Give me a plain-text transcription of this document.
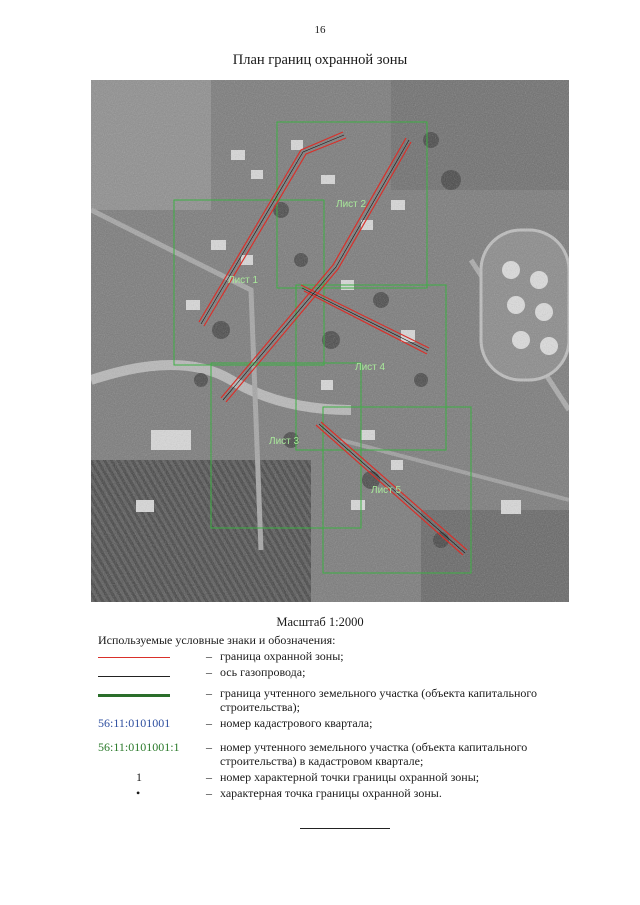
16
План границ охранной зоны
Лист 1
Лист 2
Лист 3
Лист 4
Лист 5
Масштаб 1:2000
Используемые условные знаки и обозначения:
– граница охранной зоны;
– ось газопровода;
– граница учтенного земельного участка (объекта капитального строительства);
56:11:0101001	– номер кадастрового квартала;
56:11:0101001:1	– номер учтенного земельного участка (объекта капитального строительства) в кадастровом квартале;
1	– номер характерной точки границы охранной зоны;
•	– характерная точка границы охранной зоны.
